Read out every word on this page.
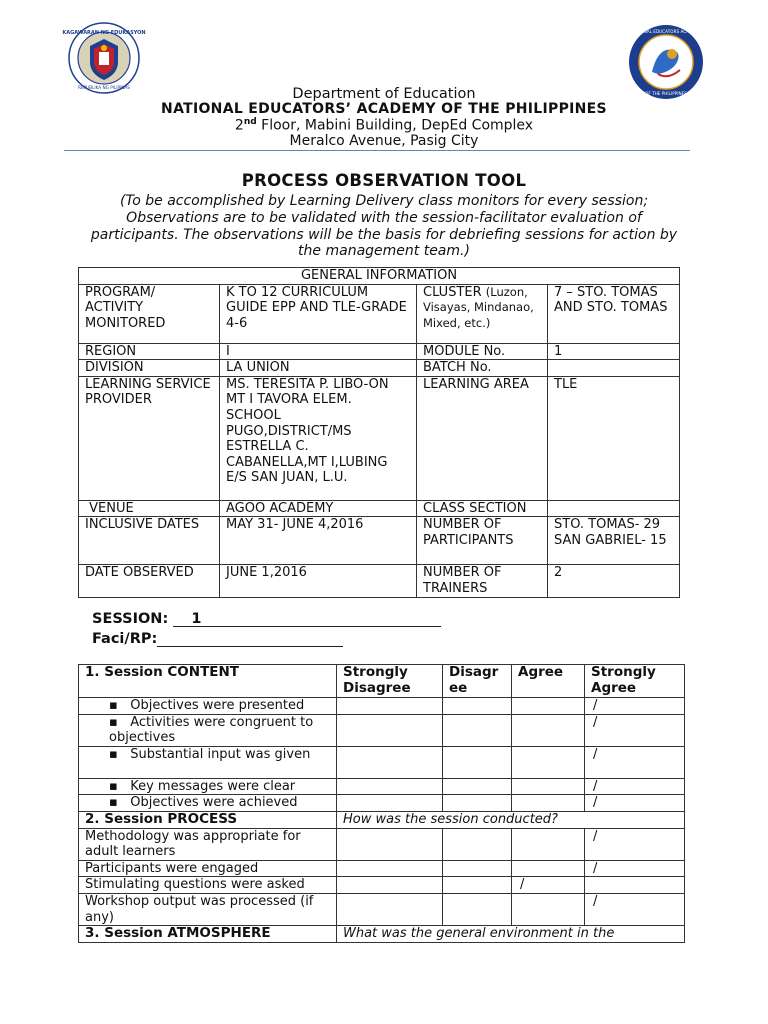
KAGAWARAN NG EDUKASYON
REPUBLIKA NG PILIPINAS
NATIONAL EDUCATORS ACADEMY
OF THE PHILIPPINES
Department of Education
NATIONAL EDUCATORS’ ACADEMY OF THE PHILIPPINES
2nd Floor, Mabini Building, DepEd Complex
Meralco Avenue, Pasig City
PROCESS OBSERVATION TOOL
(To be accomplished by Learning Delivery class monitors for every session; Observations are to be validated with the session-facilitator evaluation of participants. The observations will be the basis for debriefing sessions for action by the management team.)
GENERAL INFORMATION			
PROGRAM/ ACTIVITY MONITORED	K TO 12 CURRICULUM GUIDE EPP AND TLE-GRADE 4-6	CLUSTER (Luzon, Visayas, Mindanao, Mixed, etc.)	7 – STO. TOMAS AND STO. TOMAS
REGION	I	MODULE No.	1
DIVISION	LA UNION	BATCH No.	
LEARNING SERVICE PROVIDER	MS. TERESITA P. LIBO-ON MT I TAVORA ELEM. SCHOOL PUGO,DISTRICT/MS ESTRELLA C. CABANELLA,MT I,LUBING E/S SAN JUAN, L.U.	LEARNING AREA	TLE
VENUE	AGOO ACADEMY	CLASS SECTION	
INCLUSIVE DATES	MAY 31- JUNE 4,2016	NUMBER OF PARTICIPANTS	STO. TOMAS- 29 SAN GABRIEL- 15
DATE OBSERVED	JUNE 1,2016	NUMBER OF TRAINERS	2
SESSION: 1
Faci/RP:
1. Session CONTENT	Strongly Disagree	Disagr ee	Agree	Strongly Agree
▪ Objectives were presented				/
▪ Activities were congruent to      objectives				/
▪ Substantial input was given				/
▪ Key messages were clear				/
▪ Objectives were achieved				/
2. Session PROCESS	How was the session conducted?			
Methodology was appropriate for adult learners				/
Participants were engaged				/
Stimulating questions were asked			/	
Workshop output was processed (if any)				/
3. Session ATMOSPHERE	What was the general environment in the			
